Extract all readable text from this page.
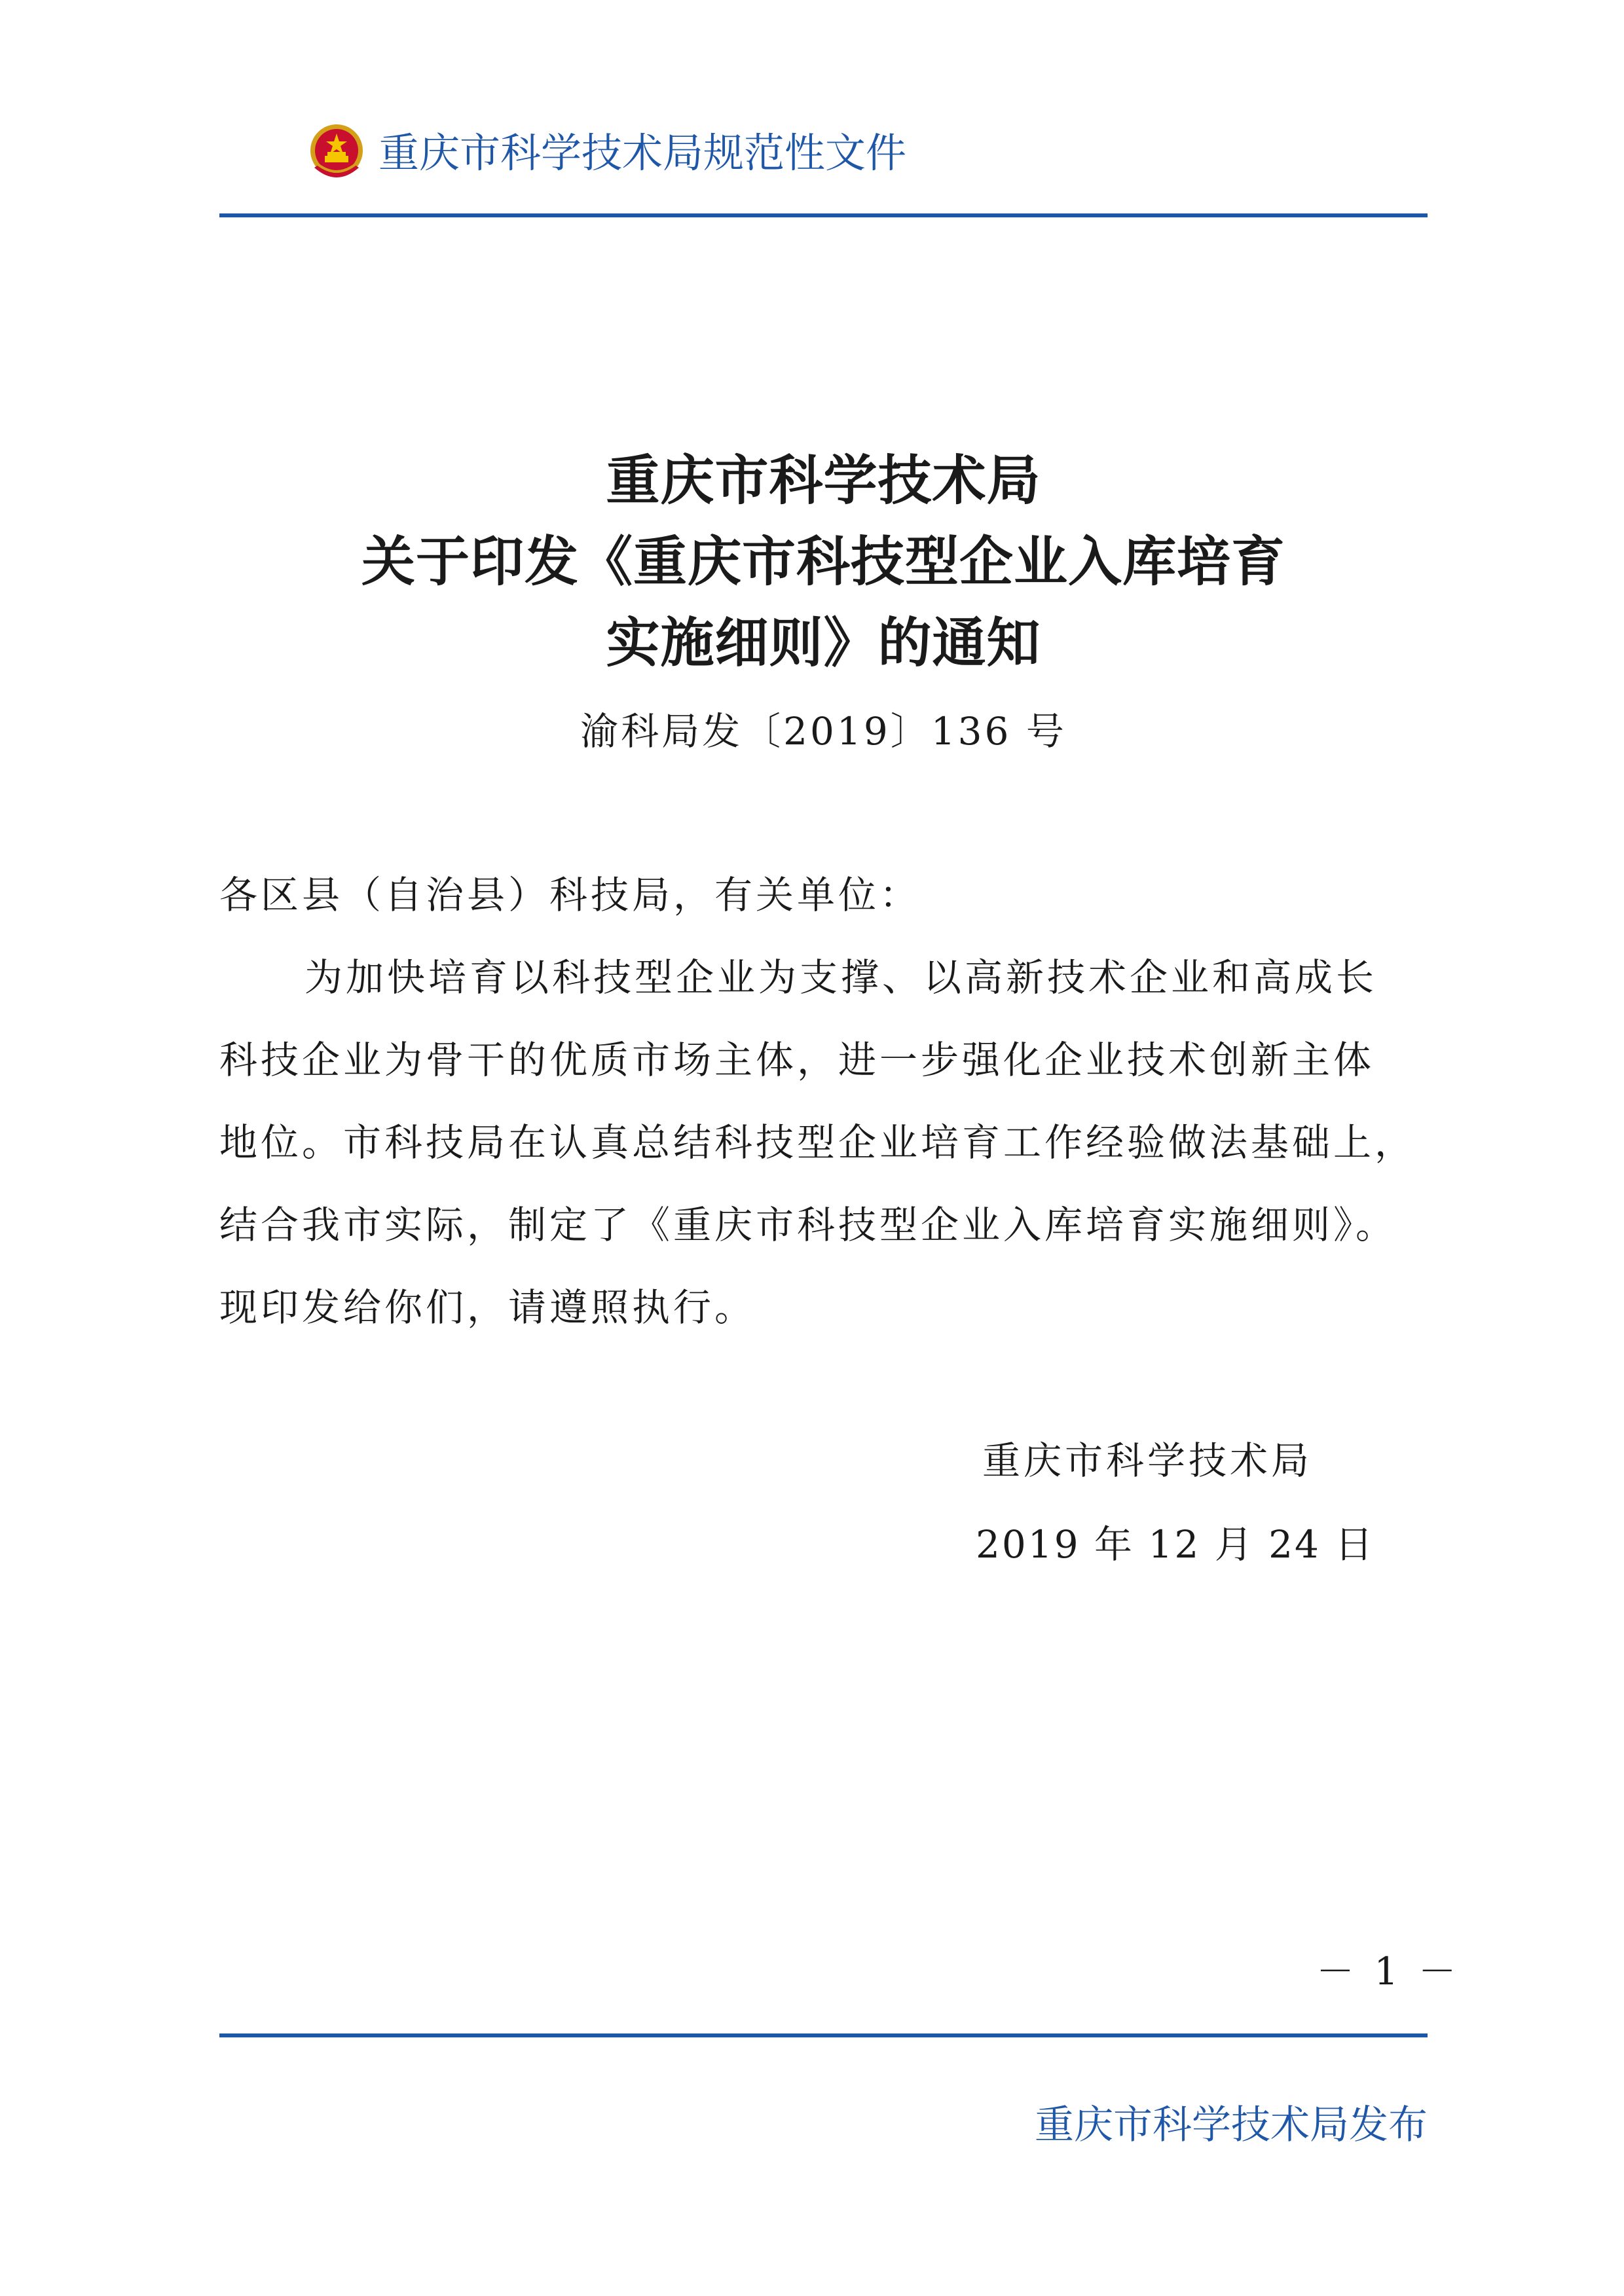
重庆市科学技术局规范性文件
重庆市科学技术局
关于印发《重庆市科技型企业入库培育
实施细则》的通知
渝科局发〔2019〕136 号
各区县（自治县）科技局，有关单位：
为加快培育以科技型企业为支撑、以高新技术企业和高成长
科技企业为骨干的优质市场主体，进一步强化企业技术创新主体
地位。市科技局在认真总结科技型企业培育工作经验做法基础上，
结合我市实际，制定了《重庆市科技型企业入库培育实施细则》。
现印发给你们，请遵照执行。
重庆市科学技术局
2019 年 12 月 24 日
－ 1 －
重庆市科学技术局发布
